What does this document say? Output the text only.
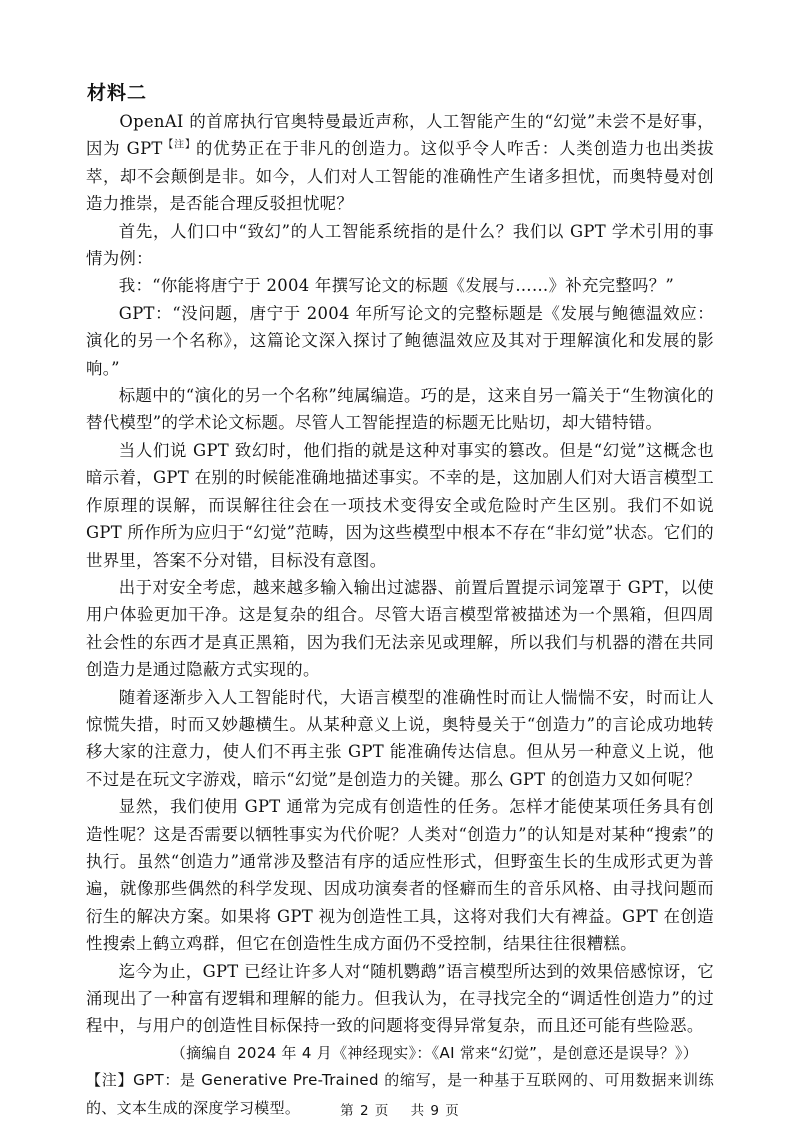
材料二

  OpenAI 的首席执行官奥特曼最近声称，人工智能产生的“幻觉”未尝不是好事，因为 GPT$^{【注】}$的优势正在于非凡的创造力。这似乎令人咋舌：人类创造力也出类拔萃，却不会颠倒是非。如今，人们对人工智能的准确性产生诸多担忧，而奥特曼对创造力推崇，是否能合理反驳担忧呢？

首先，人们口中“致幻”的人工智能系统指的是什么？我们以 GPT 学术引用的事情为例：

我：“你能将唐宁于 2004 年撰写论文的标题《发展与……》补充完整吗？”

GPT：“没问题，唐宁于 2004 年所写论文的完整标题是《发展与鲍德温效应：演化的另一个名称》，这篇论文深入探讨了鲍德温效应及其对于理解演化和发展的影响。”

标题中的“演化的另一个名称”纯属编造。巧的是，这来自另一篇关于“生物演化的替代模型”的学术论文标题。尽管人工智能捏造的标题无比贴切，却大错特错。

当人们说 GPT 致幻时，他们指的就是这种对事实的篡改。但是“幻觉”这概念也暗示着，GPT 在别的时候能准确地描述事实。不幸的是，这加剧人们对大语言模型工作原理的误解，而误解往往会在一项技术变得安全或危险时产生区别。我们不如说 GPT 所作所为应归于“幻觉”范畴，因为这些模型中根本不存在“非幻觉”状态。它们的世界里，答案不分对错，目标没有意图。

出于对安全考虑，越来越多输入输出过滤器、前置后置提示词笼罩于 GPT，以使用户体验更加干净。这是复杂的组合。尽管大语言模型常被描述为一个黑箱，但四周社会性的东西才是真正黑箱，因为我们无法亲见或理解，所以我们与机器的潜在共同创造力是通过隐蔽方式实现的。

随着逐渐步入人工智能时代，大语言模型的准确性时而让人惴惴不安，时而让人惊慌失措，时而又妙趣横生。从某种意义上说，奥特曼关于“创造力”的言论成功地转移大家的注意力，使人们不再主张 GPT 能准确传达信息。但从另一种意义上说，他不过是在玩文字游戏，暗示“幻觉”是创造力的关键。那么 GPT 的创造力又如何呢？

显然，我们使用 GPT 通常为完成有创造性的任务。怎样才能使某项任务具有创造性呢？这是否需要以牺牲事实为代价呢？人类对“创造力”的认知是对某种“搜索”的执行。虽然“创造力”通常涉及整洁有序的适应性形式，但野蛮生长的生成形式更为普遍，就像那些偶然的科学发现、因成功演奏者的怪癖而生的音乐风格、由寻找问题而衍生的解决方案。如果将 GPT 视为创造性工具，这将对我们大有裨益。GPT 在创造性搜索上鹤立鸡群，但它在创造性生成方面仍不受控制，结果往往很糟糕。

迄今为止，GPT 已经让许多人对“随机鹦鹉”语言模型所达到的效果倍感惊讶，它涌现出了一种富有逻辑和理解的能力。但我认为，在寻找完全的“调适性创造力”的过程中，与用户的创造性目标保持一致的问题将变得异常复杂，而且还可能有些险恶。

（摘编自 2024 年 4 月《神经现实》：《AI 常来“幻觉”，是创意还是误导？》）

【注】GPT：是 Generative Pre-Trained 的缩写，是一种基于互联网的、可用数据来训练的、文本生成的深度学习模型。	第 2 页 共 9 页
